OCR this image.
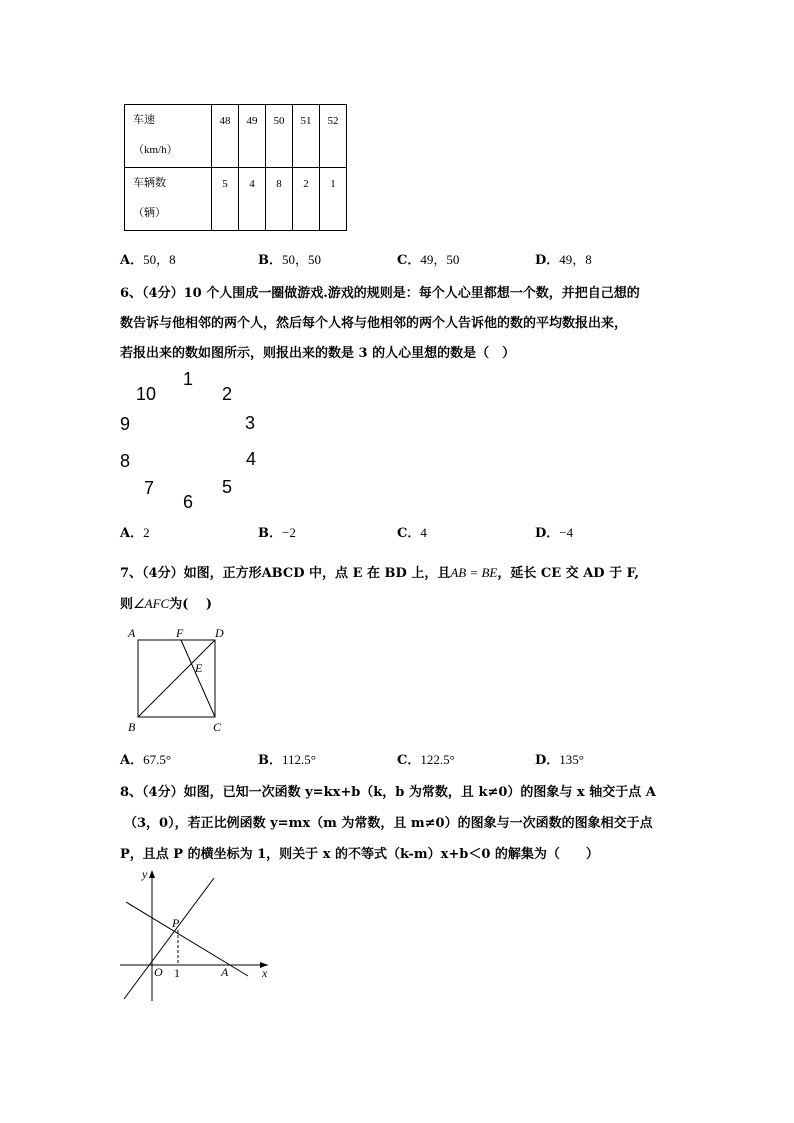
车速
（km/h）	48	49	50	51	52

车辆数
（辆）	5	4	8	2	1
A．50，8	B．50，50	C．49，50	D．49，8
6、（4分）10 个人围成一圈做游戏.游戏的规则是：每个人心里都想一个数，并把自己想的
数告诉与他相邻的两个人，然后每个人将与他相邻的两个人告诉他的数的平均数报出来，
若报出来的数如图所示，则报出来的数是 3 的人心里想的数是（　）
1
2
3
4
5
6
7
8
9
10
A．2	B．−2	C．4	D．−4
7、（4分）如图，正方形ABCD 中，点 E 在 BD 上，且AB = BE，延长 CE 交 AD 于 F,
则∠AFC为(　 )
A	F	D
E
B	C
A．67.5°	B．112.5°	C．122.5°	D．135°
8、（4分）如图，已知一次函数 y=kx+b（k，b 为常数，且 k≠0）的图象与 x 轴交于点 A
（3，0），若正比例函数 y=mx（m 为常数，且 m≠0）的图象与一次函数的图象相交于点
P，且点 P 的横坐标为 1，则关于 x 的不等式（k-m）x+b＜0 的解集为（　　）
y
x
O
P
A
1
